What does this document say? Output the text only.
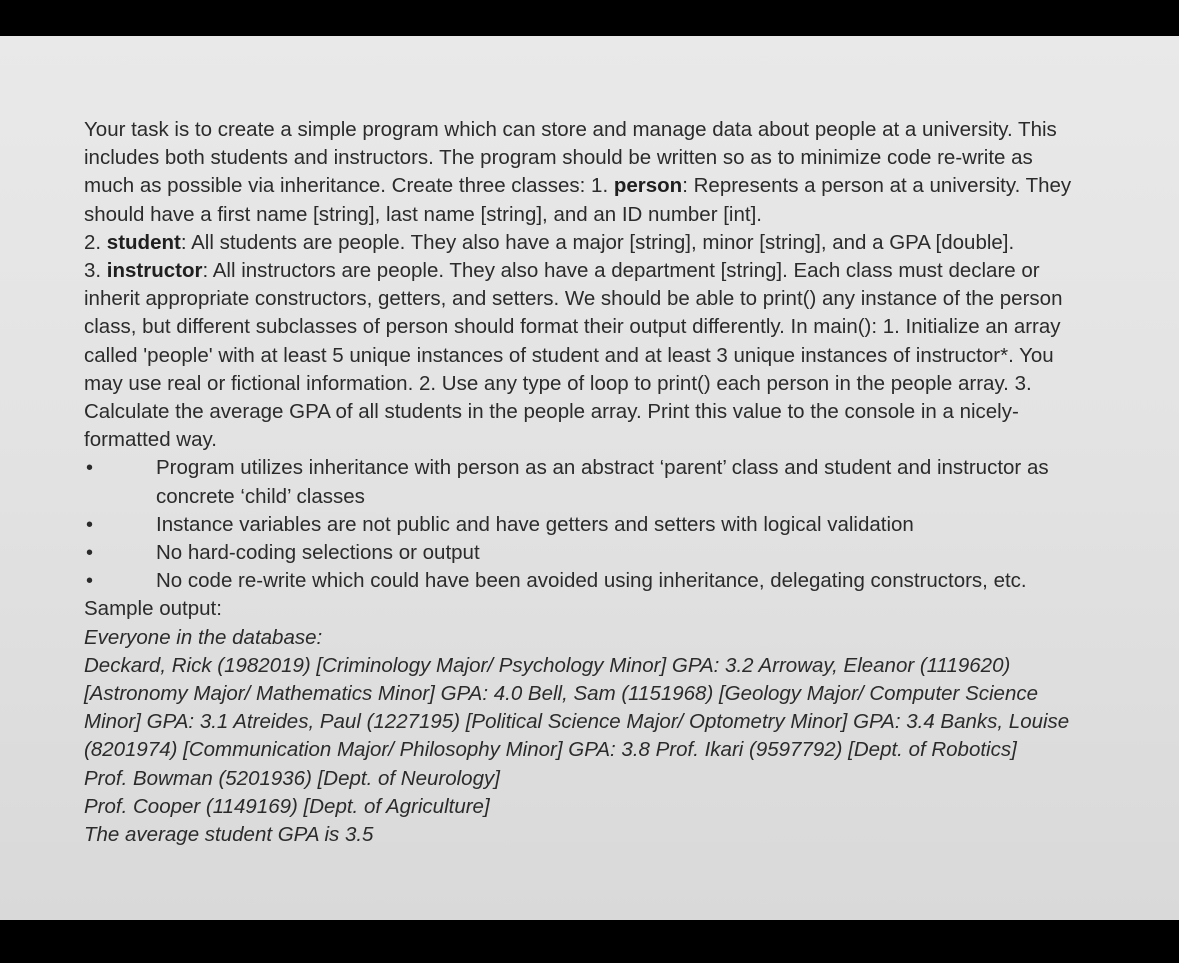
Your task is to create a simple program which can store and manage data about people at a university. This includes both students and instructors. The program should be written so as to minimize code re-write as much as possible via inheritance. Create three classes: 1. person: Represents a person at a university. They should have a first name [string], last name [string], and an ID number [int].
2. student: All students are people. They also have a major [string], minor [string], and a GPA [double].
3. instructor: All instructors are people. They also have a department [string]. Each class must declare or inherit appropriate constructors, getters, and setters. We should be able to print() any instance of the person class, but different subclasses of person should format their output differently. In main(): 1. Initialize an array called 'people' with at least 5 unique instances of student and at least 3 unique instances of instructor*. You may use real or fictional information. 2. Use any type of loop to print() each person in the people array. 3. Calculate the average GPA of all students in the people array. Print this value to the console in a nicely-formatted way.

•	Program utilizes inheritance with person as an abstract ‘parent’ class and student and instructor as concrete ‘child’ classes
•	Instance variables are not public and have getters and setters with logical validation
•	No hard-coding selections or output
•	No code re-write which could have been avoided using inheritance, delegating constructors, etc.

Sample output:

Everyone in the database:

Deckard, Rick (1982019) [Criminology Major/ Psychology Minor] GPA: 3.2 Arroway, Eleanor (1119620) [Astronomy Major/ Mathematics Minor] GPA: 4.0 Bell, Sam (1151968) [Geology Major/ Computer Science Minor] GPA: 3.1 Atreides, Paul (1227195) [Political Science Major/ Optometry Minor] GPA: 3.4 Banks, Louise (8201974) [Communication Major/ Philosophy Minor] GPA: 3.8 Prof. Ikari (9597792) [Dept. of Robotics]

Prof. Bowman (5201936) [Dept. of Neurology]

Prof. Cooper (1149169) [Dept. of Agriculture]

The average student GPA is 3.5
